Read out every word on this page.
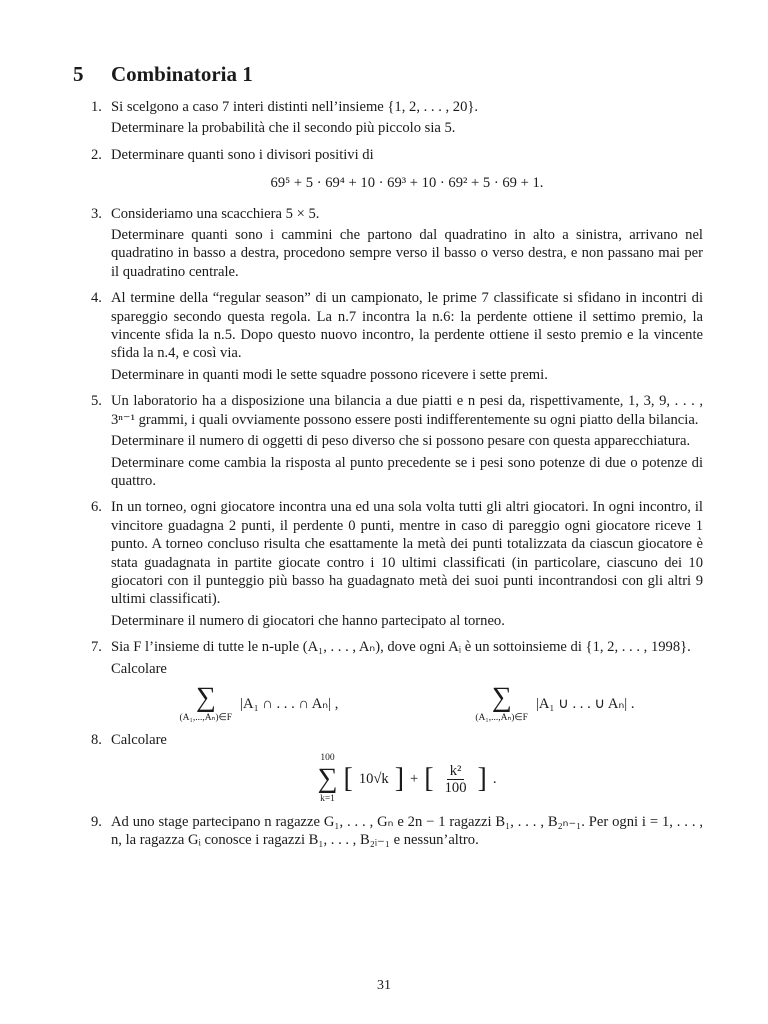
5 Combinatoria 1
1. Si scelgono a caso 7 interi distinti nell’insieme {1, 2, . . . , 20}.

Determinare la probabilità che il secondo più piccolo sia 5.

2. Determinare quanti sono i divisori positivi di

69⁵ + 5 · 69⁴ + 10 · 69³ + 10 · 69² + 5 · 69 + 1.
3. Consideriamo una scacchiera 5 × 5.

Determinare quanti sono i cammini che partono dal quadratino in alto a sinistra, arrivano nel quadratino in basso a destra, procedono sempre verso il basso o verso destra, e non passano mai per il quadratino centrale.

4. Al termine della “regular season” di un campionato, le prime 7 classificate si sfidano in incontri di spareggio secondo questa regola. La n.7 incontra la n.6: la perdente ottiene il settimo premio, la vincente sfida la n.5. Dopo questo nuovo incontro, la perdente ottiene il sesto premio e la vincente sfida la n.4, e così via.

Determinare in quanti modi le sette squadre possono ricevere i sette premi.

5. Un laboratorio ha a disposizione una bilancia a due piatti e n pesi da, rispettivamente, 1, 3, 9, . . . , 3ⁿ⁻¹ grammi, i quali ovviamente possono essere posti indifferentemente su ogni piatto della bilancia.

Determinare il numero di oggetti di peso diverso che si possono pesare con questa apparecchiatura.

Determinare come cambia la risposta al punto precedente se i pesi sono potenze di due o potenze di quattro.

6. In un torneo, ogni giocatore incontra una ed una sola volta tutti gli altri giocatori. In ogni incontro, il vincitore guadagna 2 punti, il perdente 0 punti, mentre in caso di pareggio ogni giocatore riceve 1 punto. A torneo concluso risulta che esattamente la metà dei punti totalizzata da ciascun giocatore è stata guadagnata in partite giocate contro i 10 ultimi classificati (in particolare, ciascuno dei 10 giocatori con il punteggio più basso ha guadagnato metà dei suoi punti incontrandosi con gli altri 9 ultimi classificati).

Determinare il numero di giocatori che hanno partecipato al torneo.

7. Sia F l’insieme di tutte le n-uple (A₁, . . . , Aₙ), dove ogni Aᵢ è un sottoinsieme di {1, 2, . . . , 1998}.

Calcolare

∑
(A₁,...,Aₙ)∈F
|A₁ ∩ . . . ∩ Aₙ| ,	∑
(A₁,...,Aₙ)∈F
|A₁ ∪ . . . ∪ Aₙ| .
8. Calcolare

100
∑
k=1
[ 10√k ] + [ $\frac{\text{k²}}{100}$ ] .
9. Ad uno stage partecipano n ragazze G₁, . . . , Gₙ e 2n − 1 ragazzi B₁, . . . , B₂ₙ₋₁. Per ogni i = 1, . . . , n, la ragazza Gᵢ conosce i ragazzi B₁, . . . , B₂ᵢ₋₁ e nessun’altro.

31
